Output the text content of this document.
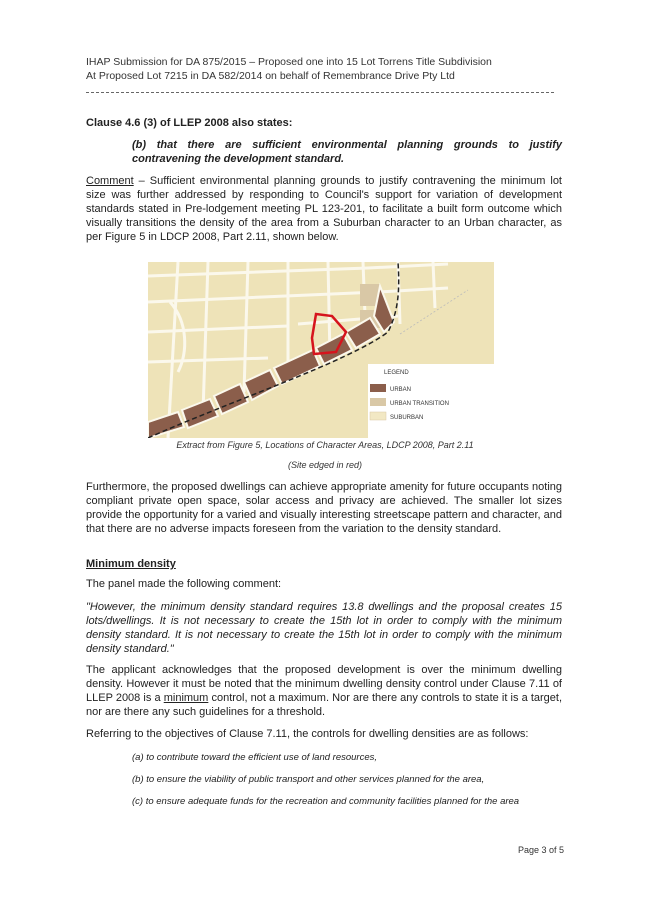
IHAP Submission for DA 875/2015 – Proposed one into 15 Lot Torrens Title Subdivision
At Proposed Lot 7215 in DA 582/2014 on behalf of Remembrance Drive Pty Ltd
Clause 4.6 (3) of LLEP 2008 also states:
(b) that there are sufficient environmental planning grounds to justify contravening the development standard.
Comment – Sufficient environmental planning grounds to justify contravening the minimum lot size was further addressed by responding to Council's support for variation of development standards stated in Pre-lodgement meeting PL 123-201, to facilitate a built form outcome which visually transitions the density of the area from a Suburban character to an Urban character, as per Figure 5 in LDCP 2008, Part 2.11, shown below.
LEGEND
URBAN
URBAN TRANSITION
SUBURBAN
Extract from Figure 5, Locations of Character Areas, LDCP 2008, Part 2.11
(Site edged in red)
Furthermore, the proposed dwellings can achieve appropriate amenity for future occupants noting compliant private open space, solar access and privacy are achieved. The smaller lot sizes provide the opportunity for a varied and visually interesting streetscape pattern and character, and that there are no adverse impacts foreseen from the variation to the density standard.
Minimum density
The panel made the following comment:
"However, the minimum density standard requires 13.8 dwellings and the proposal creates 15 lots/dwellings. It is not necessary to create the 15th lot in order to comply with the minimum density standard. It is not necessary to create the 15th lot in order to comply with the minimum density standard."
The applicant acknowledges that the proposed development is over the minimum dwelling density. However it must be noted that the minimum dwelling density control under Clause 7.11 of LLEP 2008 is a minimum control, not a maximum. Nor are there any controls to state it is a target, nor are there any such guidelines for a threshold.
Referring to the objectives of Clause 7.11, the controls for dwelling densities are as follows:
(a) to contribute toward the efficient use of land resources,
(b) to ensure the viability of public transport and other services planned for the area,
(c) to ensure adequate funds for the recreation and community facilities planned for the area
Page 3 of 5
